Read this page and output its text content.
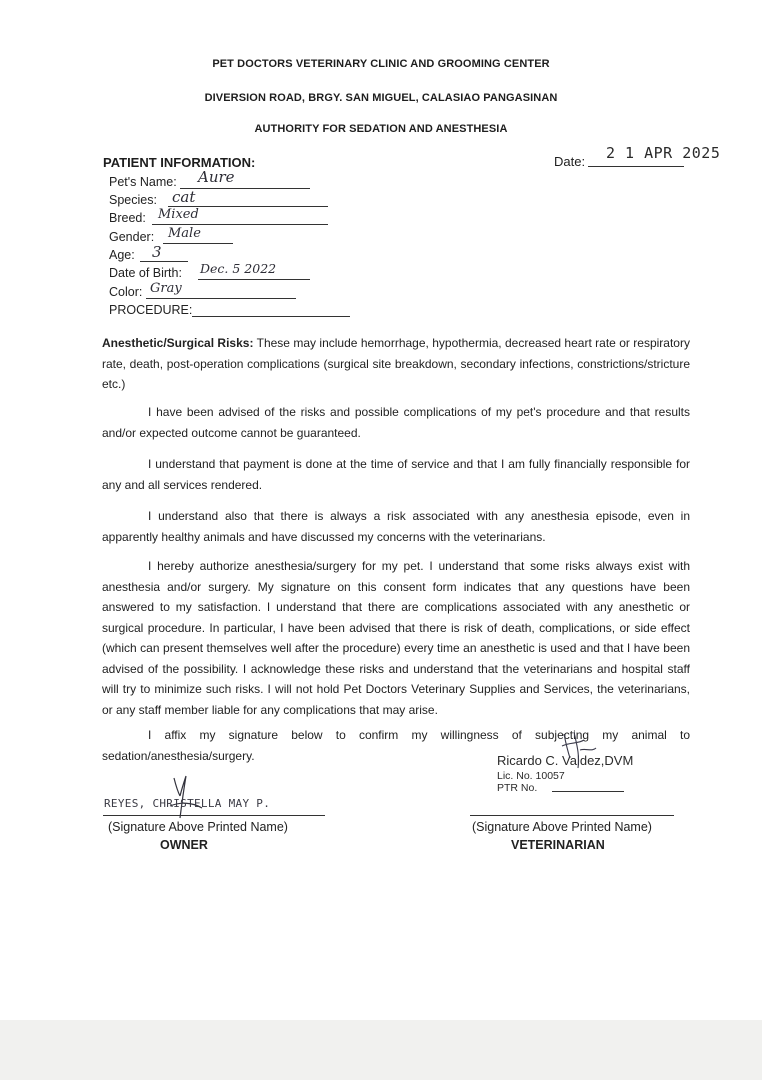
PET DOCTORS VETERINARY CLINIC AND GROOMING CENTER
DIVERSION ROAD, BRGY. SAN MIGUEL, CALASIAO PANGASINAN
AUTHORITY FOR SEDATION AND ANESTHESIA
PATIENT INFORMATION:	Date: 2 1 APR 2025
Pet's Name: Aure
Species: cat
Breed: Mixed
Gender: Male
Age: 3
Date of Birth: Dec. 5 2022
Color: Gray
PROCEDURE:
Anesthetic/Surgical Risks: These may include hemorrhage, hypothermia, decreased heart rate or respiratory rate, death, post-operation complications (surgical site breakdown, secondary infections, constrictions/stricture etc.)
I have been advised of the risks and possible complications of my pet's procedure and that results and/or expected outcome cannot be guaranteed.
I understand that payment is done at the time of service and that I am fully financially responsible for any and all services rendered.
I understand also that there is always a risk associated with any anesthesia episode, even in apparently healthy animals and have discussed my concerns with the veterinarians.
I hereby authorize anesthesia/surgery for my pet. I understand that some risks always exist with anesthesia and/or surgery. My signature on this consent form indicates that any questions have been answered to my satisfaction. I understand that there are complications associated with any anesthetic or surgical procedure. In particular, I have been advised that there is risk of death, complications, or side effect (which can present themselves well after the procedure) every time an anesthetic is used and that I have been advised of the possibility. I acknowledge these risks and understand that the veterinarians and hospital staff will try to minimize such risks. I will not hold Pet Doctors Veterinary Supplies and Services, the veterinarians, or any staff member liable for any complications that may arise.
I affix my signature below to confirm my willingness of subjecting my animal to sedation/anesthesia/surgery.	Ricardo C. Valdez,DVM
Lic. No. 10057
PTR No.
REYES, CHRISTELLA MAY P.
(Signature Above Printed Name)
OWNER
(Signature Above Printed Name)
VETERINARIAN
